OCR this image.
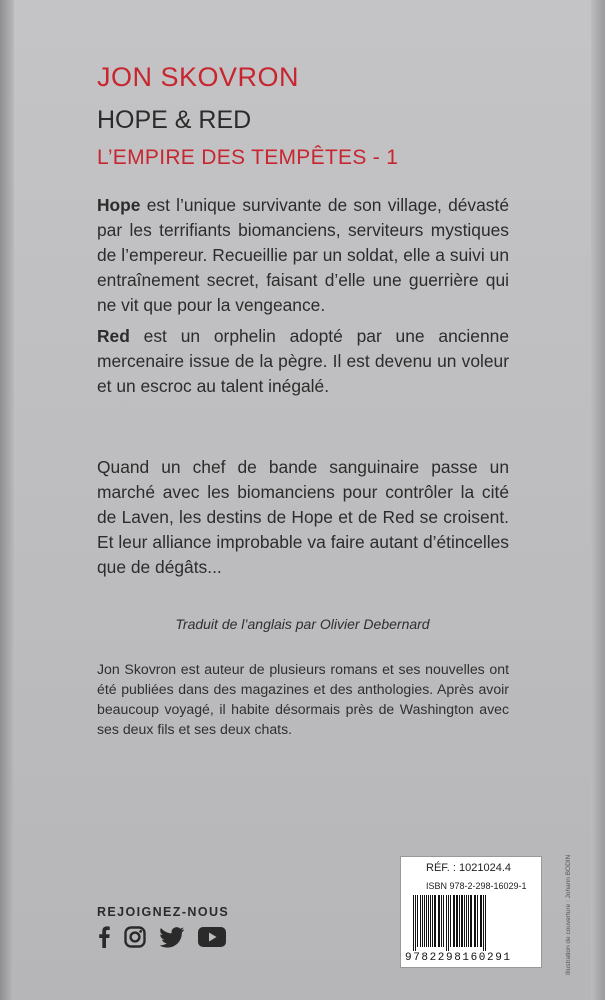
JON SKOVRON
HOPE & RED
L’EMPIRE DES TEMPÊTES - 1

Hope est l’unique survivante de son village, dévasté par les terrifiants biomanciens, serviteurs mystiques de l’empereur. Recueillie par un soldat, elle a suivi un entraînement secret, faisant d’elle une guerrière qui ne vit que pour la vengeance.

Red est un orphelin adopté par une ancienne mercenaire issue de la pègre. Il est devenu un voleur et un escroc au talent inégalé.

Quand un chef de bande sanguinaire passe un marché avec les biomanciens pour contrôler la cité de Laven, les destins de Hope et de Red se croisent. Et leur alliance improbable va faire autant d’étincelles que de dégâts...

Traduit de l’anglais par Olivier Debernard

Jon Skovron est auteur de plusieurs romans et ses nouvelles ont été publiées dans des magazines et des anthologies. Après avoir beaucoup voyagé, il habite désormais près de Washington avec ses deux fils et ses deux chats.

REJOIGNEZ-NOUS	Illustration de couverture : Johann BODIN
RÉF. : 1021024.4
ISBN 978-2-298-16029-1
9782298160291
